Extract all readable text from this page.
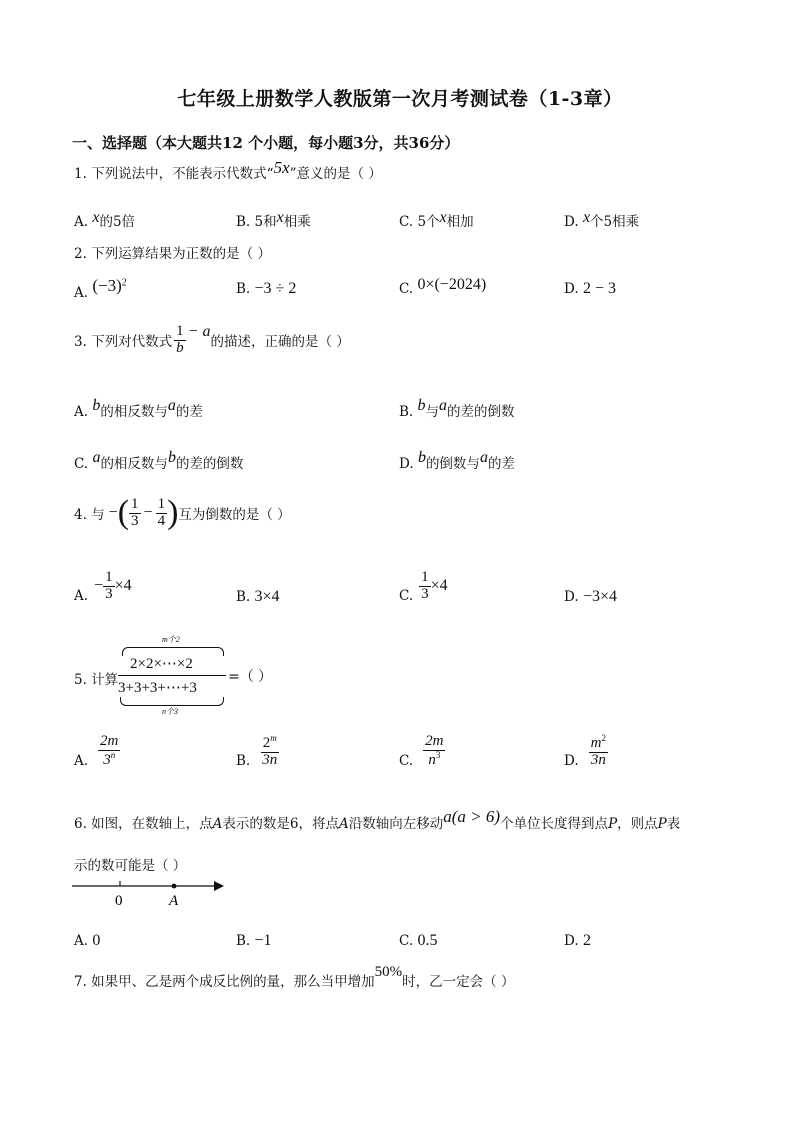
七年级上册数学人教版第一次月考测试卷（1-3章）
一、选择题（本大题共12 个小题，每小题3分，共36分）
1. 下列说法中，不能表示代数式“5x”意义的是（ ）
A. x的5倍	B. 5和x相乘	C. 5个x相加	D. x个5相乘
2. 下列运算结果为正数的是（ ）
A. $(-3)^2$	B. −3 ÷ 2	C. 0×(−2024)	D. 2 − 3
3. 下列对代数式 $\frac{1}{b} - a$
的描述，正确的是（ ）
A. b的相反数与a的差	B. b与a的差的倒数
C. a的相反数与b的差的倒数	D. b的倒数与a的差
4. 与 − ( $\frac{1}{3} - \frac{1}{4}$ ) 互为倒数的是（ ）
A.
− $\frac{1}{3} \times 4$
B. 3×4	C. $\frac{1}{3} \times 4$
D. −3×4
5. 计算
m个2
2×2×⋯×2
3+3+3+⋯+3
n个3
=（ ）
A. $\frac{2m}{3^n}$	B. $\frac{2^m}{3n}$	C. $\frac{2m}{n^3}$	D. $\frac{m^2}{3n}$
6. 如图，在数轴上，点A表示的数是6，将点A沿数轴向左移动a(a > 6)个单位长度得到点P，则点P表
示的数可能是（ ）
0	A
A. 0	B. −1	C. 0.5	D. 2
7. 如果甲、乙是两个成反比例的量，那么当甲增加50%时，乙一定会（ ）
